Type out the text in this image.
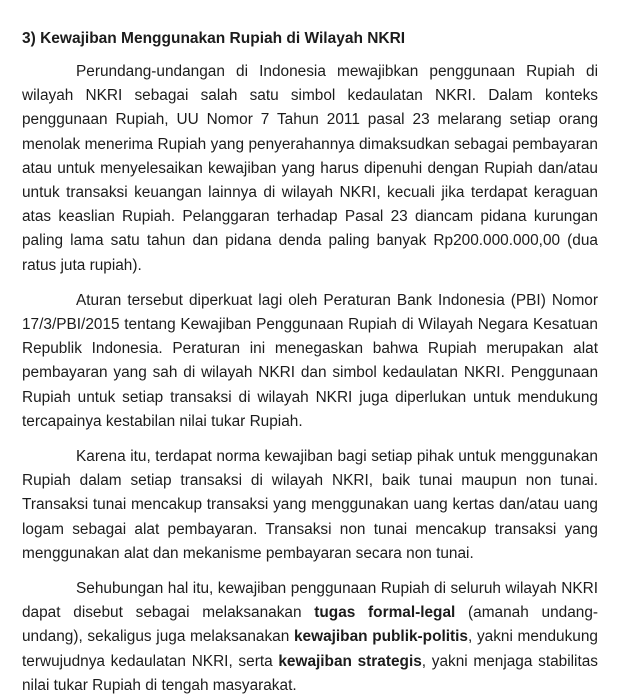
3) Kewajiban Menggunakan Rupiah di Wilayah NKRI

Perundang-undangan di Indonesia mewajibkan penggunaan Rupiah di wilayah NKRI sebagai salah satu simbol kedaulatan NKRI. Dalam konteks penggunaan Rupiah, UU Nomor 7 Tahun 2011 pasal 23 melarang setiap orang menolak menerima Rupiah yang penyerahannya dimaksudkan sebagai pembayaran atau untuk menyelesaikan kewajiban yang harus dipenuhi dengan Rupiah dan/atau untuk transaksi keuangan lainnya di wilayah NKRI, kecuali jika terdapat keraguan atas keaslian Rupiah. Pelanggaran terhadap Pasal 23 diancam pidana kurungan paling lama satu tahun dan pidana denda paling banyak Rp200.000.000,00 (dua ratus juta rupiah).

Aturan tersebut diperkuat lagi oleh Peraturan Bank Indonesia (PBI) Nomor 17/3/PBI/2015 tentang Kewajiban Penggunaan Rupiah di Wilayah Negara Kesatuan Republik Indonesia. Peraturan ini menegaskan bahwa Rupiah merupakan alat pembayaran yang sah di wilayah NKRI dan simbol kedaulatan NKRI. Penggunaan Rupiah untuk setiap transaksi di wilayah NKRI juga diperlukan untuk mendukung tercapainya kestabilan nilai tukar Rupiah.

Karena itu, terdapat norma kewajiban bagi setiap pihak untuk menggunakan Rupiah dalam setiap transaksi di wilayah NKRI, baik tunai maupun non tunai. Transaksi tunai mencakup transaksi yang menggunakan uang kertas dan/atau uang logam sebagai alat pembayaran. Transaksi non tunai mencakup transaksi yang menggunakan alat dan mekanisme pembayaran secara non tunai.

Sehubungan hal itu, kewajiban penggunaan Rupiah di seluruh wilayah NKRI dapat disebut sebagai melaksanakan tugas formal-legal (amanah undang-undang), sekaligus juga melaksanakan kewajiban publik-politis, yakni mendukung terwujudnya kedaulatan NKRI, serta kewajiban strategis, yakni menjaga stabilitas nilai tukar Rupiah di tengah masyarakat.
